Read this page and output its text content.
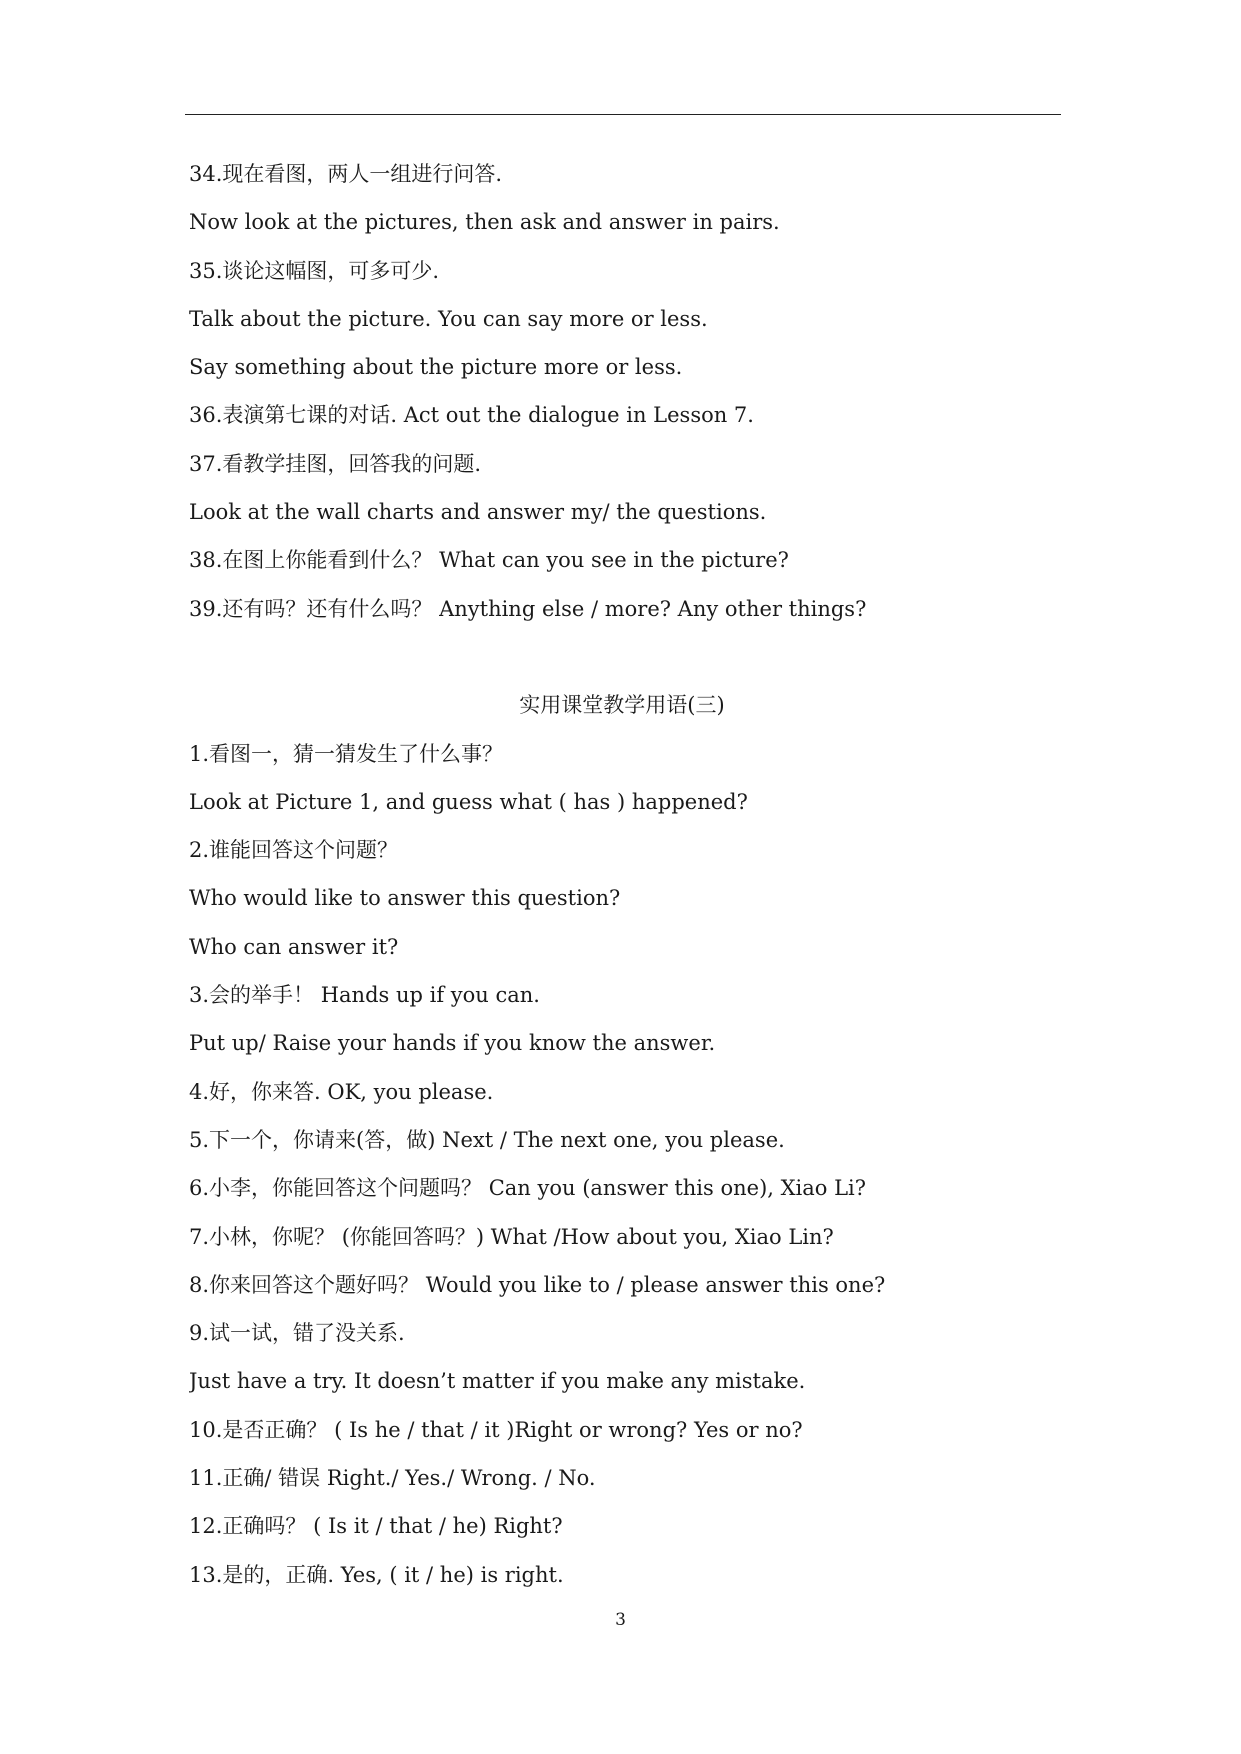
34.现在看图，两人一组进行问答.
Now look at the pictures, then ask and answer in pairs.
35.谈论这幅图，可多可少.
Talk about the picture. You can say more or less.
Say something about the picture more or less.
36.表演第七课的对话. Act out the dialogue in Lesson 7.
37.看教学挂图，回答我的问题.
Look at the wall charts and answer my/ the questions.
38.在图上你能看到什么？ What can you see in the picture?
39.还有吗？还有什么吗？ Anything else / more? Any other things?
实用课堂教学用语(三)
1.看图一，猜一猜发生了什么事？
Look at Picture 1, and guess what ( has ) happened?
2.谁能回答这个问题？
Who would like to answer this question?
Who can answer it?
3.会的举手！ Hands up if you can.
Put up/ Raise your hands if you know the answer.
4.好，你来答. OK, you please.
5.下一个，你请来(答，做) Next / The next one, you please.
6.小李，你能回答这个问题吗？ Can you (answer this one), Xiao Li?
7.小林，你呢？ (你能回答吗？) What /How about you, Xiao Lin?
8.你来回答这个题好吗？ Would you like to / please answer this one?
9.试一试，错了没关系.
Just have a try. It doesn’t matter if you make any mistake.
10.是否正确？ ( Is he / that / it )Right or wrong? Yes or no?
11.正确/ 错误 Right./ Yes./ Wrong. / No.
12.正确吗？ ( Is it / that / he) Right?
13.是的，正确. Yes, ( it / he) is right.
3
